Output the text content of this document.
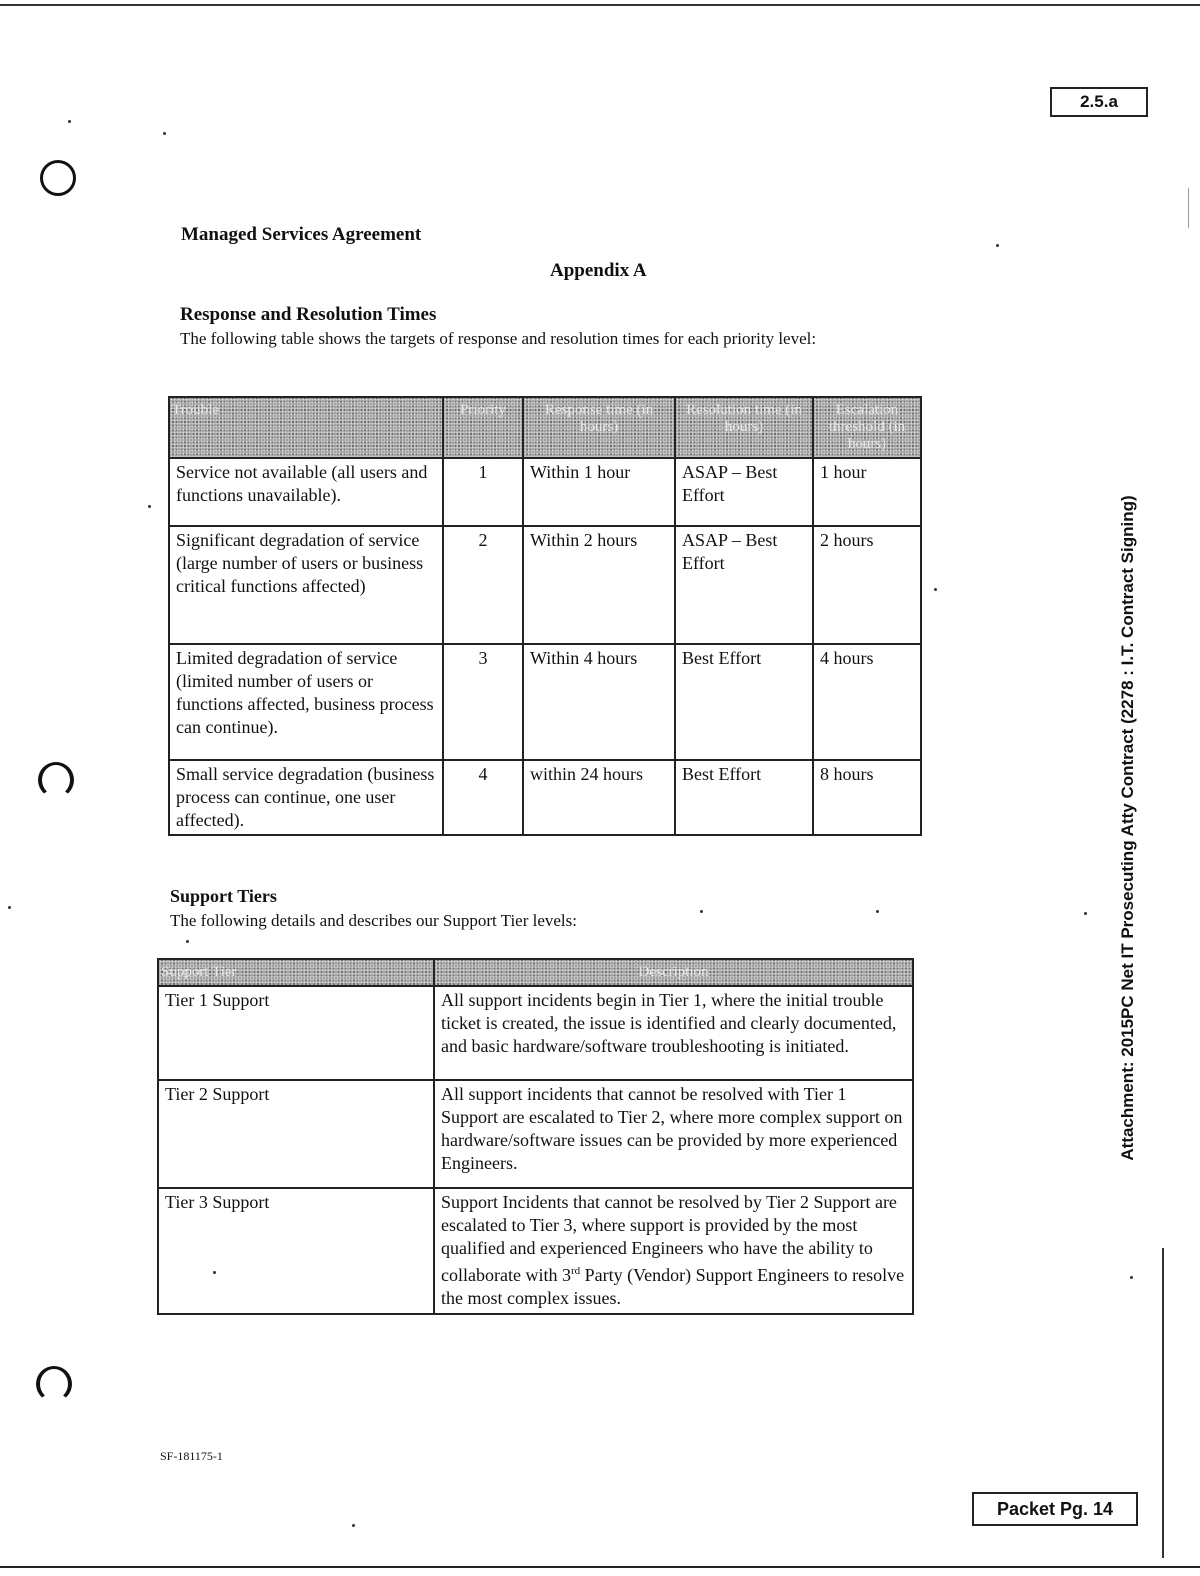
2.5.a
Managed Services Agreement
Appendix A
Response and Resolution Times
The following table shows the targets of response and resolution times for each priority level:
Trouble	Priority	Response time (in hours)	Resolution time (in hours)	Escalation threshold (in hours)
Service not available (all users and functions unavailable).	1	Within 1 hour	ASAP – Best Effort	1 hour
Significant degradation of service (large number of users or business critical functions affected)	2	Within 2 hours	ASAP – Best Effort	2 hours
Limited degradation of service (limited number of users or functions affected, business process can continue).	3	Within 4 hours	Best Effort	4 hours
Small service degradation (business process can continue, one user affected).	4	within 24 hours	Best Effort	8 hours
Support Tiers
The following details and describes our Support Tier levels:
Support Tier	Description
Tier 1 Support	All support incidents begin in Tier 1, where the initial trouble ticket is created, the issue is identified and clearly documented, and basic hardware/software troubleshooting is initiated.
Tier 2 Support	All support incidents that cannot be resolved with Tier 1 Support are escalated to Tier 2, where more complex support on hardware/software issues can be provided by more experienced Engineers.
Tier 3 Support	Support Incidents that cannot be resolved by Tier 2 Support are escalated to Tier 3, where support is provided by the most qualified and experienced Engineers who have the ability to collaborate with 3rd Party (Vendor) Support Engineers to resolve the most complex issues.
SF-181175-1
Attachment: 2015PC Net IT Prosecuting Atty Contract (2278 : I.T. Contract Signing)
Packet Pg. 14
